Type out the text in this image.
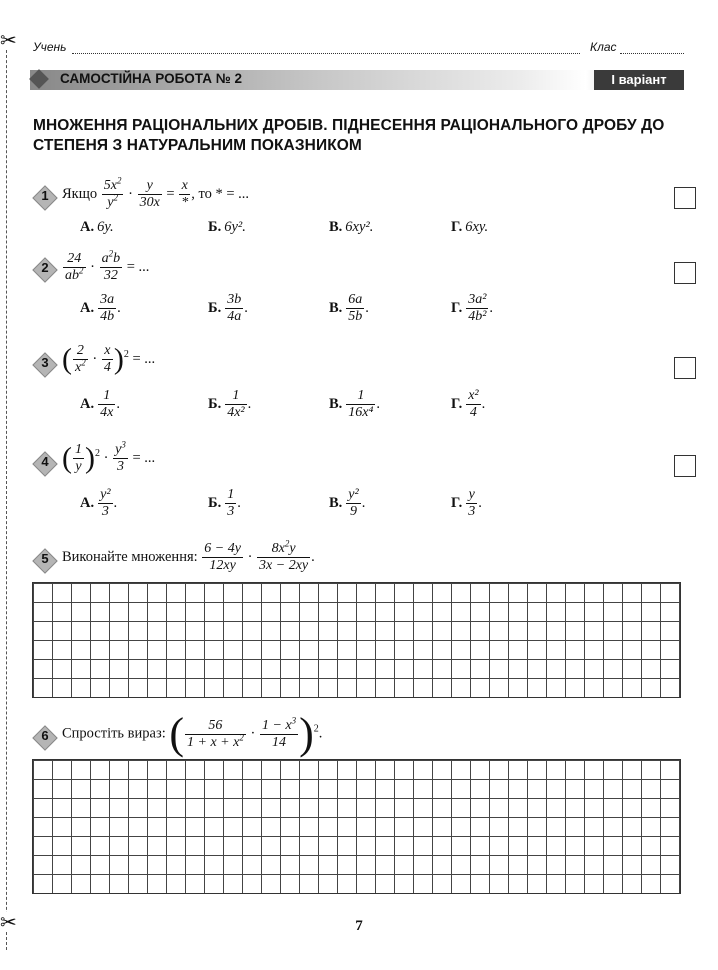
✂
✂
Учень	Клас
САМОСТІЙНА РОБОТА № 2	І варіант
МНОЖЕННЯ РАЦІОНАЛЬНИХ ДРОБІВ. ПІДНЕСЕННЯ РАЦІОНАЛЬНОГО ДРОБУ ДО СТЕПЕНЯ З НАТУРАЛЬНИМ ПОКАЗНИКОМ
1 Якщо $\frac{5x^2}{y^2} \cdot \frac{y}{30x} = \frac{x}{*}$ , то * = ...
А. 6y.	Б. 6y².	В. 6xy².	Г. 6xy.
2	$\frac{24}{ab^2} \cdot \frac{a^2b}{32}$ = ...
А. $\frac{3a}{4b}$ .	Б. $\frac{3b}{4a}$ .	В. $\frac{6a}{5b}$ .	Г. $\frac{\text{3a²}}{\text{4b²}}$ .
3 ( $\frac{2}{x^2} \cdot \frac{x}{4} )^2$ = ...
А. $\frac{1}{4x}$ .	Б. $\frac{1}{\text{4x²}}$ .	В. $\frac{1}{\text{16x⁴}}$ .	Г. $\frac{\text{x²}}{4}$ .
4 ( $\frac{1}{y} )^2 \cdot \frac{y^3}{3}$ = ...
А. $\frac{\text{y²}}{3}$ .	Б. $\frac{1}{3}$ .	В. $\frac{\text{y²}}{9}$ .	Г. $\frac{y}{3}$ .
5 Виконайте множення: $\frac{6 - 4y}{12xy} \cdot \frac{8x^2y}{3x - 2xy}$ .
6 Спростіть вираз: ( $\frac{56}{1 + x + x^2} \cdot \frac{1 - x^3}{14} )^2$.
7
